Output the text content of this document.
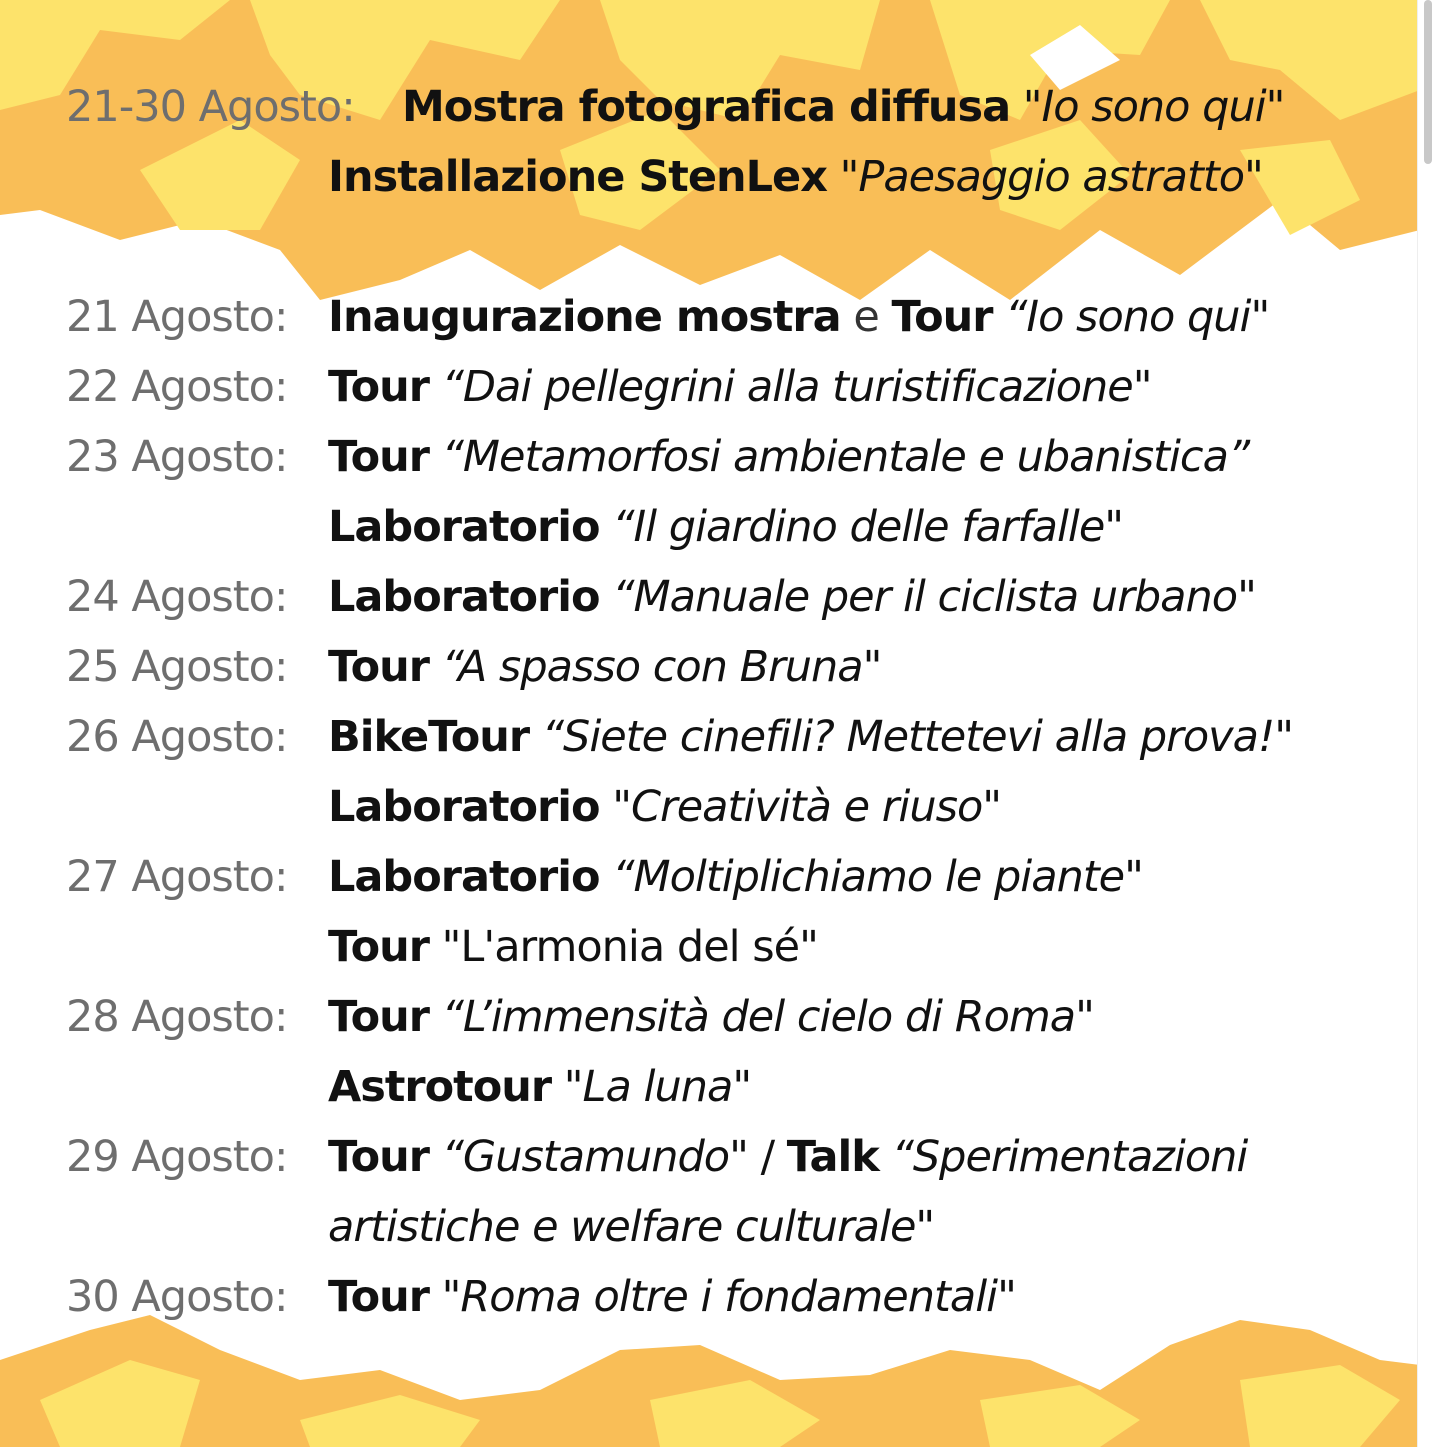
21-30 Agosto: Mostra fotografica diffusa "Io sono qui"
Installazione StenLex "Paesaggio astratto"
21 Agosto: Inaugurazione mostra e Tour “Io sono qui"
22 Agosto: Tour “Dai pellegrini alla turistificazione"
23 Agosto: Tour “Metamorfosi ambientale e ubanistica”
Laboratorio “Il giardino delle farfalle"
24 Agosto: Laboratorio “Manuale per il ciclista urbano"
25 Agosto: Tour “A spasso con Bruna"
26 Agosto: BikeTour “Siete cinefili? Mettetevi alla prova!"
Laboratorio "Creatività e riuso"
27 Agosto: Laboratorio “Moltiplichiamo le piante"
Tour "L'armonia del sé"
28 Agosto: Tour “L’immensità del cielo di Roma"
Astrotour "La luna"
29 Agosto: Tour “Gustamundo" / Talk “Sperimentazioni
artistiche e welfare culturale"
30 Agosto: Tour "Roma oltre i fondamentali"
